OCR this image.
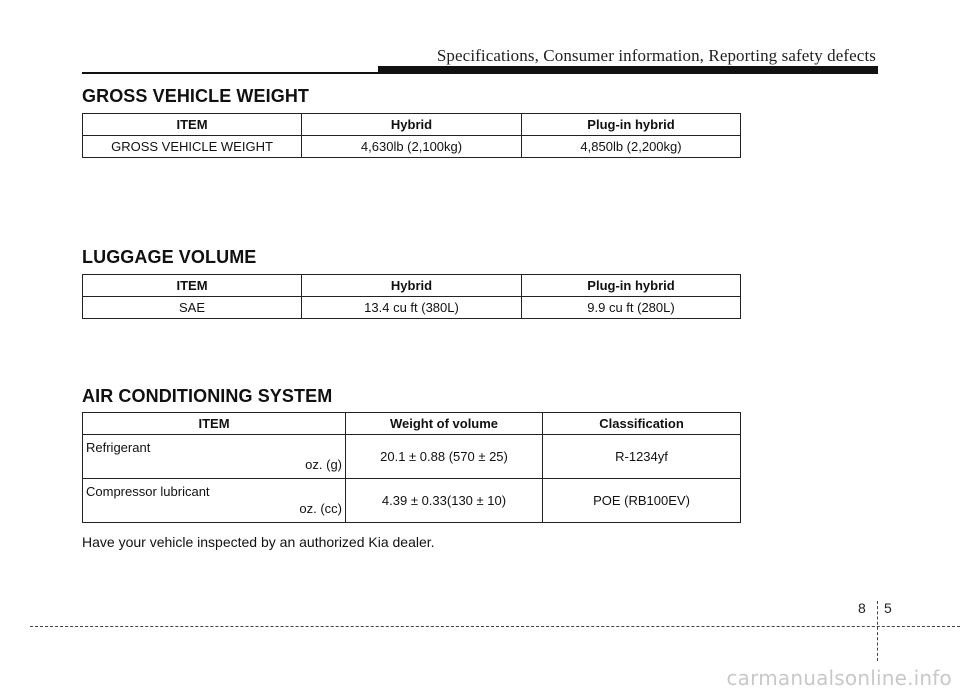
Specifications, Consumer information, Reporting safety defects
GROSS VEHICLE WEIGHT
ITEM	Hybrid	Plug-in hybrid
GROSS VEHICLE WEIGHT	4,630lb (2,100kg)	4,850lb (2,200kg)
LUGGAGE VOLUME
ITEM	Hybrid	Plug-in hybrid
SAE	13.4 cu ft (380L)	9.9 cu ft (280L)
AIR CONDITIONING SYSTEM
ITEM	Weight of volume	Classification

Refrigerant
oz. (g)	20.1 ± 0.88 (570 ± 25)	R-1234yf

Compressor lubricant
oz. (cc)	4.39 ± 0.33(130 ± 10)	POE (RB100EV)
Have your vehicle inspected by an authorized Kia dealer.
8 5
carmanualsonline.info
